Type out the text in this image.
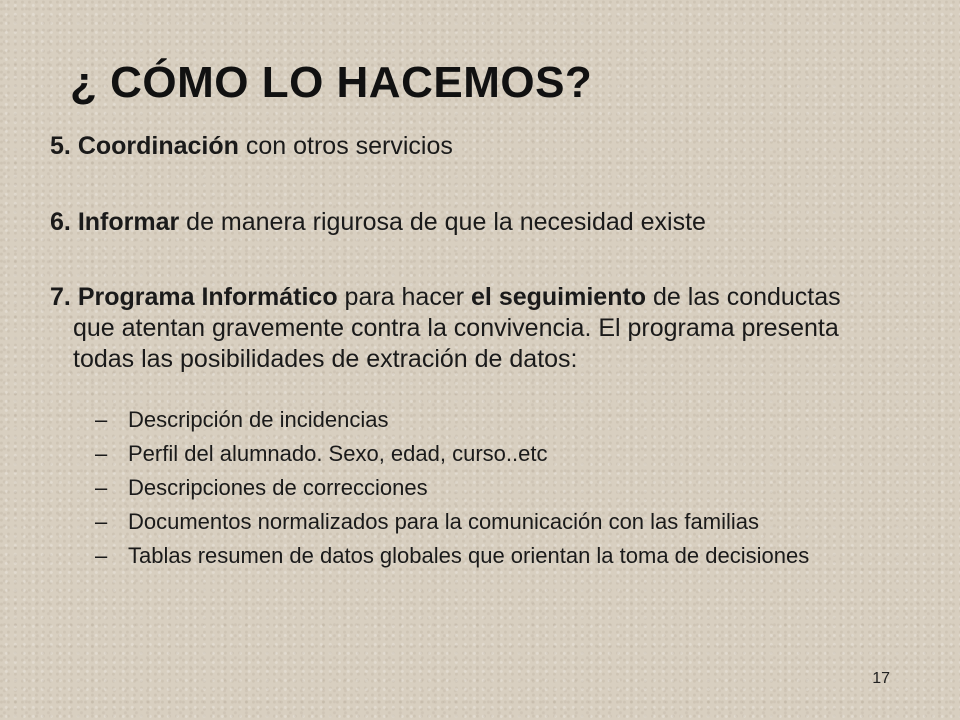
¿ CÓMO LO HACEMOS?

5. Coordinación con otros servicios

6. Informar de manera rigurosa de que la necesidad existe

7. Programa Informático para hacer el seguimiento de las conductas que atentan gravemente contra la convivencia. El programa presenta todas las posibilidades de extración de datos:

– Descripción de incidencias
– Perfil del alumnado. Sexo, edad, curso..etc
– Descripciones de correcciones
– Documentos normalizados para la comunicación con las familias
– Tablas resumen de datos globales que orientan la toma de decisiones
17
